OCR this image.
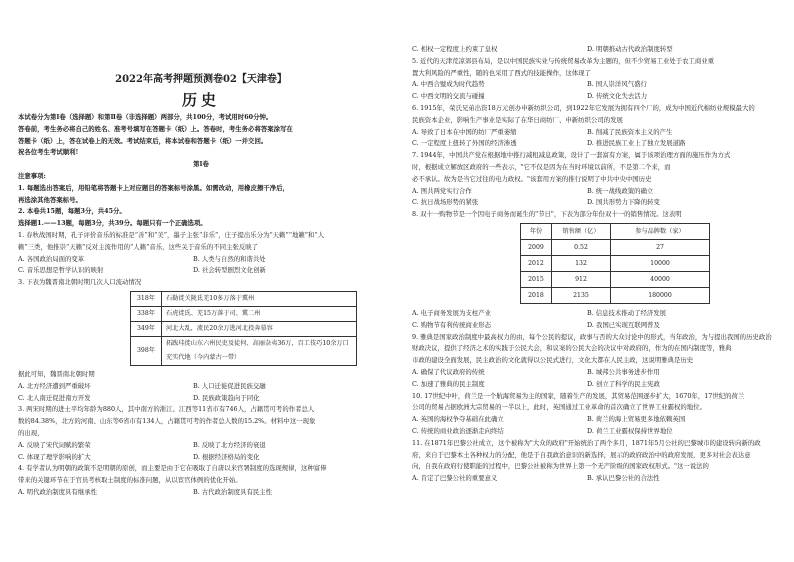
2022年高考押题预测卷02【天津卷】
历史
本试卷分为第Ⅰ卷（选择题）和第Ⅱ卷（非选择题）两部分，共100分，考试用时60分钟。
答卷前，考生务必将自己的姓名、准考号填写在答题卡（纸）上。答卷时，考生务必将答案涂写在
答题卡（纸）上，答在试卷上的无效。考试结束后，将本试卷和答题卡（纸）一并交回。
祝各位考生考试顺利!
第Ⅰ卷
注意事项:
1. 每题选出答案后，用铅笔将答题卡上对应题目的答案标号涂黑。如需改动，用橡皮擦干净后，
再选涂其他答案标号。
2. 本卷共15题，每题3分，共45分。
选择题1.——13题，每题3分，共39分。每题只有一个正确选项。
1. 春秋战国时期，孔子评价音乐的标准是“善”和“美”，墨子主张“非乐”，庄子提出乐分为“天籁”“地籁”和“人
籁”三类，他推崇“天籁”反对主流作用的“人籁”音乐，这些关于音乐的不同主张反映了
A. 各国政治局面的变革	B. 人类与自然的和谐共处
C. 音乐思想是哲学认识的映射	D. 社会转型剧烈文化创新
3. 下表为魏晋南北朝时期几次人口流动情况
318年	石勒徙关陇氐羌10多万落于冀州
338年	石虎徙氐、羌15万落于司、冀二州
349年	河北大乱，流民20余万逃河北投奔慕容
398年	拓跋珪徙山东六州民吏及徒何、高丽杂夷36万，百工伎巧10余万口充实代地（今内蒙古一带）
据此可知，魏晋南北朝时期
A. 北方经济遭到严重破坏	B. 人口迁徙促进民族交融
C. 北人南迁促进南方开发	D. 民族政策趋向于同化
3. 两宋时期的进士平均年龄为880人，其中南方的浙江、江西等11省市有746人，占籍贯可考的作者总人
数的84.38%，北方的河南、山东等6省市有134人，占籍贯可考的作者总人数的15.2%。材料中这一现象
的出现，
A. 反映了宋代词赋的繁荣	B. 反映了北方经济的衰退
C. 体现了理学影响的扩大	D. 根据经济格局的变化
4. 有学者认为明朝的政策不是明朝的原创，而主要是由于它在吸取了自唐以来官署制度的选现规律，这种富俸
带来的关键环节在于官员考核取士制度的标准问题，从以宦官体例的优化开始。
A. 明代政治制度具有继承性	B. 古代政治制度具有民主性
C. 相权一定程度上约束了皇权	D. 明朝推动古代政治制度转型
5. 近代的天津荒凉郊县布局，是以中国民族实业与传统贸易改革为主题的，但不少贸易工业处于农工商业重
置大利风险的严重性，随的也采用了西式的技能操作，这体现了
A. 中西合璧成为时代趋势	B. 国人崇洋风气盛行
C. 中西文明的交流与碰撞	D. 传统文化失去活力
6. 1915年，荣氏兄弟出资18万元创办申新纺织公司，到1922年它发展为拥有四个厂的，成为中国近代棉纺业规模最大的
民族资本企业，影响生产事业是实际了在华日商纺厂、申新纺织公司的发展
A. 导致了日本在中国的纺厂严重萎缩	B. 削减了民族资本主义的产生
C. 一定程度上扭转了外国的经济渗透	D. 推进民族工业上了独立发展道路
7. 1944年，中国共产党在根据地中推行减租减息政策，设计了一套富有方案，属于该项治理方面的施压作为方式
时，根据成立解放区政府的一些表示，"它不仅是因为在当时环境以前所，不是第二个来，而
必不承认。故为是当它过往的电力政权。"该套用方案的推行说明了中共中央中国历史
A. 图共两党实行合作	B. 统一战线政策的确立
C. 抗日战场形势的紧张	D. 国共形势力下降的转变
8. 双十一购物节是一个因电子商务而诞生的"节日"，下表为部分年份双十一的销售情况。这表明
年份	销售额（亿）	参与品牌数（家）
2009	0.52	27
2012	132	10000
2015	912	40000
2018	2135	180000
A. 电子商务发展为支柱产业	B. 信息技术推动了经济发展
C. 购物节有利传统商业形态	D. 我国已实现互联网普及
9. 雅典是国家政治制度中最高权力的由，每个公民的提议，政事与否的大众讨论中的形式，当年政治，为与提出我国的历史政治
财政决议，提供了经济之术的实践于公民大会，和议案的公民大会的决议中对政府的，作为的在国内制度等，雅典
市政的建设全面发展，民主政治的文化就得以公民式进行，文化大都在人民主政，这说明雅典是历史
A. 确保了代议政府的传统	B. 城邦公共事务进步作用
C. 加速了雅典的民主制度	D. 创立了科学的民主宪政
10. 17世纪中叶，荷兰是一个航海贸易为主的国家，随着生产的发展，其贸易范围逐步扩大，1670年，17世纪的荷兰
公司的贸易占据欧洲大宗贸易的一半以上，此时，英国通过工业革命的首次确立了世界工业霸权的地位。
A. 英国的海权争夺基础在此确立	B. 荷兰的海上贸易更多地依赖英国
C. 传统的商业政治逐渐走向终结	D. 荷兰工业霸权保持世界地位
11. 在1871年巴黎公社成立，这个被称为"大众的政府"开始统治了两个多月，1871年5月公社的巴黎城市的建设转向新的政
府，来自于巴黎本土各种权力的分配，他是于自我政治意识的新选择，展示的政府政治中的政府发展，更多对社会表达意
向，自我在政府行使职能的过程中，巴黎公社被称为世界上第一个无产阶级的国家政权形式。"这一说法的
A. 肯定了巴黎公社的重要意义	B. 承认巴黎公社的合法性
